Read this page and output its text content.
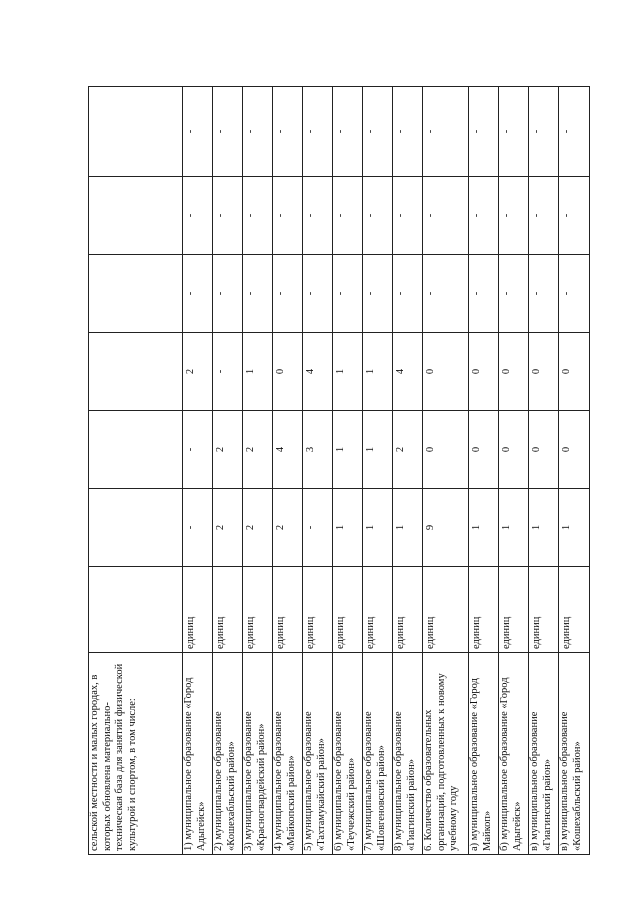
сельской местности и малых городах, в которых обновлена материально-техническая база для занятий физической культурой и спортом, в том числе:							
1) муниципальное образование «Город Адыгейск»	единиц	-	-	2	-	-	-
2) муниципальное образование «Кошехабльский район»	единиц	2	2	-	-	-	-
3) муниципальное образование «Красногвардейский район»	единиц	2	2	1	-	-	-
4) муниципальное образование «Майкопский район»	единиц	2	4	0	-	-	-
5) муниципальное образование «Тахтамукайский район»	единиц	-	3	4	-	-	-
6) муниципальное образование «Теучежский район»	единиц	1	1	1	-	-	-
7) муниципальное образование «Шовгеновский район»	единиц	1	1	1	-	-	-
8) муниципальное образование «Гиагинский район»	единиц	1	2	4	-	-	-
6. Количество образовательных организаций, подготовленных к новому учебному году	единиц	9	0	0	-	-	-
а) муниципальное образование «Город Майкоп»	единиц	1	0	0	-	-	-
б) муниципальное образование «Город Адыгейск»	единиц	1	0	0	-	-	-
в) муниципальное образование «Гиагинский район»	единиц	1	0	0	-	-	-
в) муниципальное образование «Кошехабльский район»	единиц	1	0	0	-	-	-
